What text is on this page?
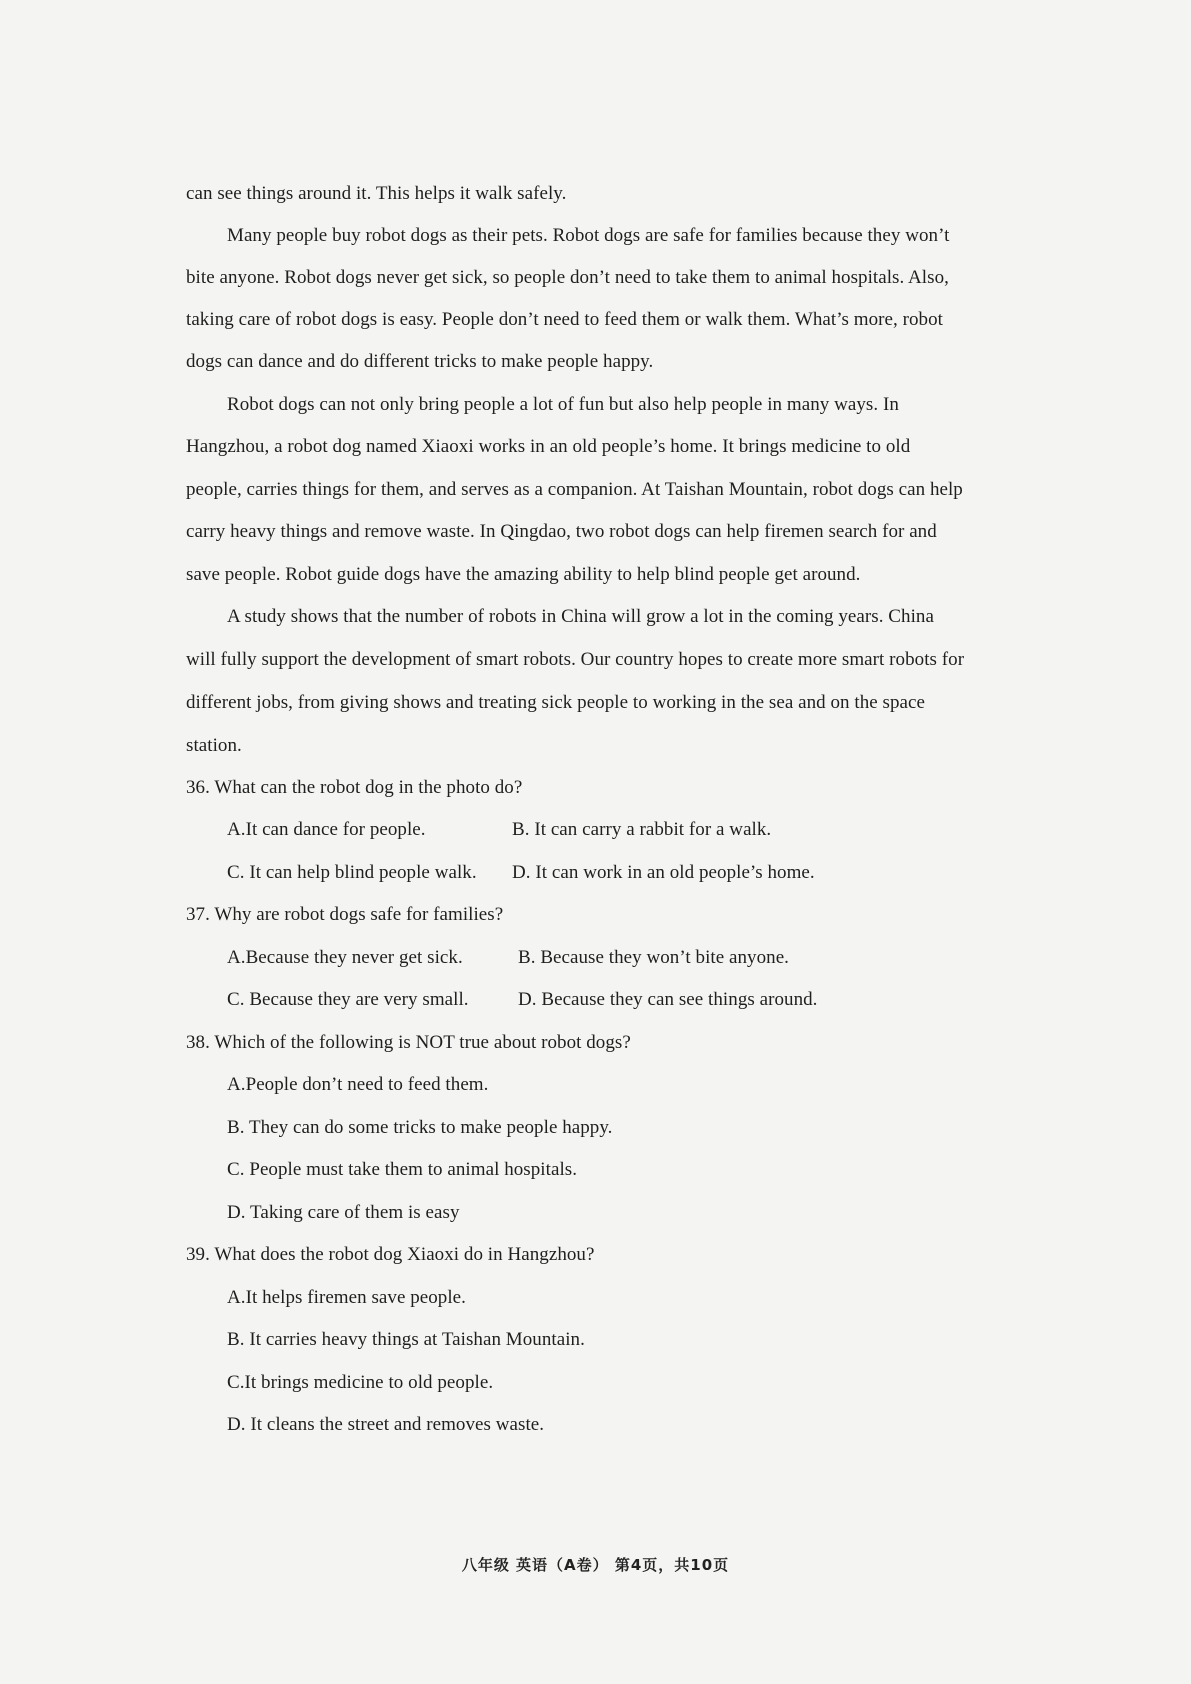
can see things around it. This helps it walk safely.
Many people buy robot dogs as their pets. Robot dogs are safe for families because they won’t
bite anyone. Robot dogs never get sick, so people don’t need to take them to animal hospitals. Also,
taking care of robot dogs is easy. People don’t need to feed them or walk them. What’s more, robot
dogs can dance and do different tricks to make people happy.
Robot dogs can not only bring people a lot of fun but also help people in many ways. In
Hangzhou, a robot dog named Xiaoxi works in an old people’s home. It brings medicine to old
people, carries things for them, and serves as a companion. At Taishan Mountain, robot dogs can help
carry heavy things and remove waste. In Qingdao, two robot dogs can help firemen search for and
save people. Robot guide dogs have the amazing ability to help blind people get around.
A study shows that the number of robots in China will grow a lot in the coming years. China
will fully support the development of smart robots. Our country hopes to create more smart robots for
different jobs, from giving shows and treating sick people to working in the sea and on the space
station.
36. What can the robot dog in the photo do?
A.It can dance for people.	B. It can carry a rabbit for a walk.
C. It can help blind people walk. D. It can work in an old people’s home.
37. Why are robot dogs safe for families?
A.Because they never get sick.	B. Because they won’t bite anyone.
C. Because they are very small.	D. Because they can see things around.
38. Which of the following is NOT true about robot dogs?
A.People don’t need to feed them.
B. They can do some tricks to make people happy.
C. People must take them to animal hospitals.
D. Taking care of them is easy
39. What does the robot dog Xiaoxi do in Hangzhou?
A.It helps firemen save people.
B. It carries heavy things at Taishan Mountain.
C.It brings medicine to old people.
D. It cleans the street and removes waste.
八年级 英语（A卷） 第4页，共10页
